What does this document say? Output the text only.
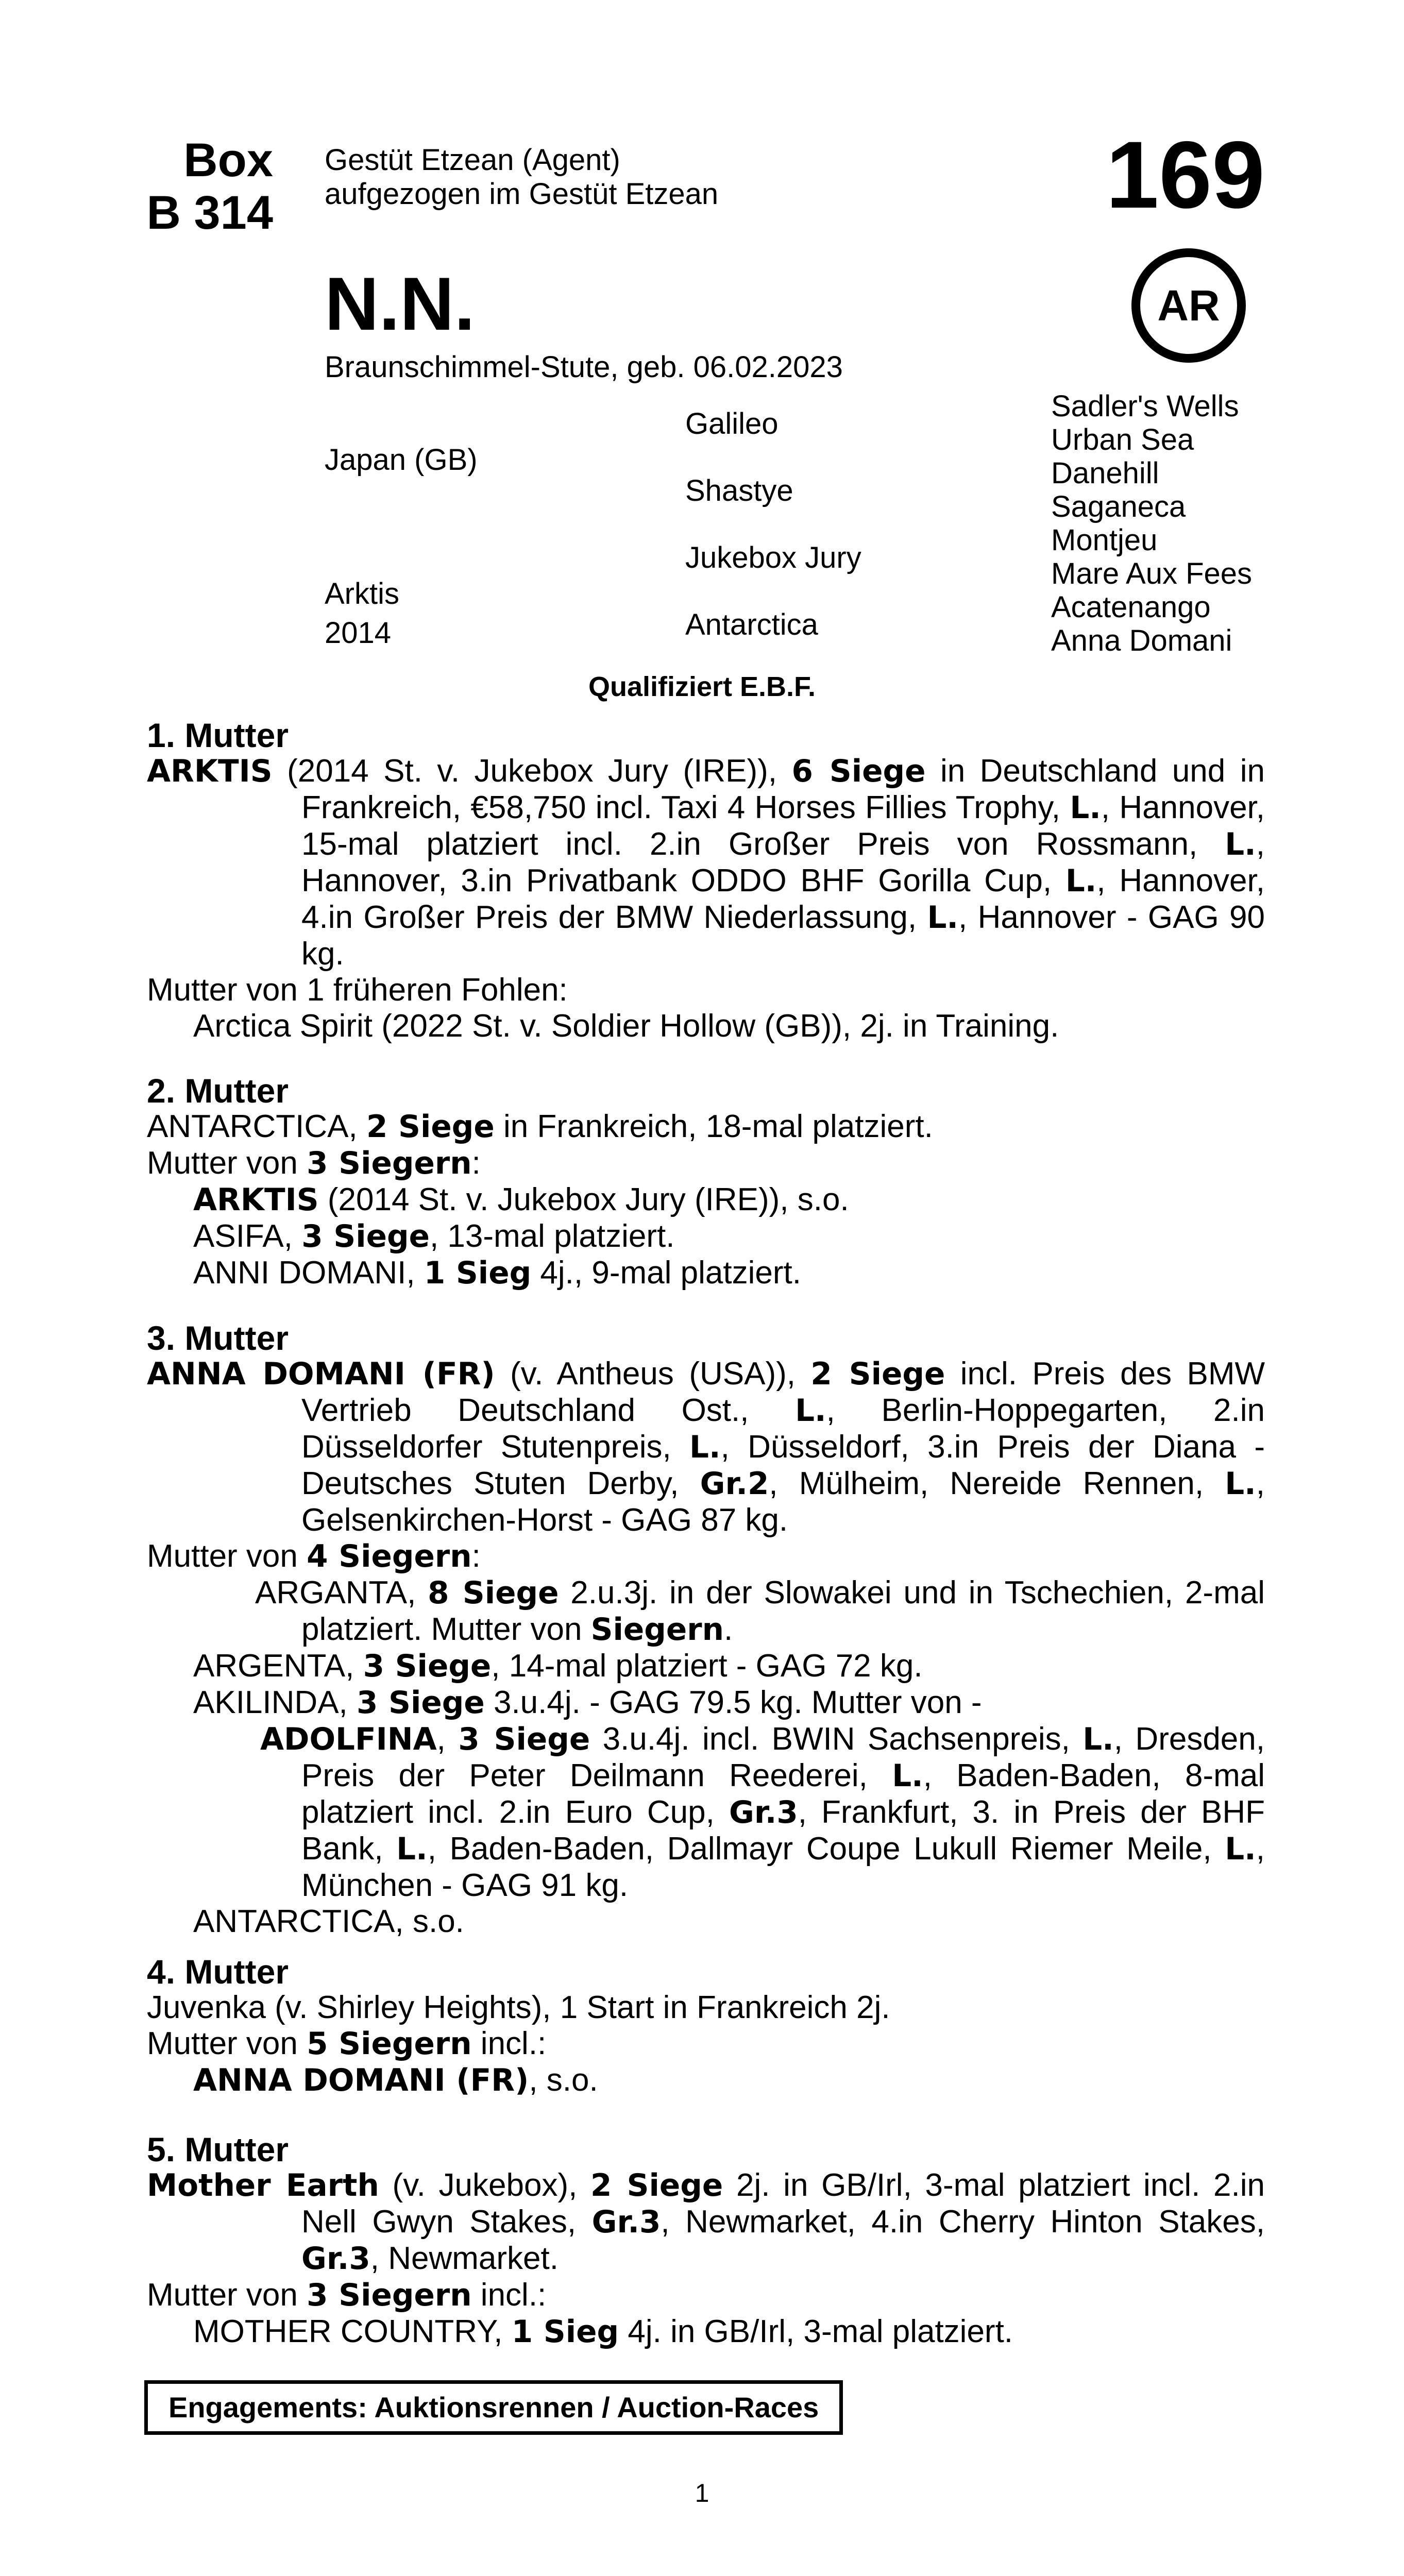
Box
B 314
Gestüt Etzean (Agent)
aufgezogen im Gestüt Etzean	169
AR
N.N.
Braunschimmel-Stute, geb. 06.02.2023
Japan (GB)
Arktis
2014
Galileo
Shastye
Jukebox Jury
Antarctica
Sadler's Wells
Urban Sea
Danehill
Saganeca
Montjeu
Mare Aux Fees
Acatenango
Anna Domani
Qualifiziert E.B.F.

1. Mutter

ARKTIS (2014 St. v. Jukebox Jury (IRE)), 6 Siege in Deutschland und in Frankreich, €58,750 incl. Taxi 4 Horses Fillies Trophy, L., Hannover, 15-mal platziert incl. 2.in Großer Preis von Rossmann, L., Hannover, 3.in Privatbank ODDO BHF Gorilla Cup, L., Hannover, 4.in Großer Preis der BMW Niederlassung, L., Hannover - GAG 90 kg.

Mutter von 1 früheren Fohlen:

Arctica Spirit (2022 St. v. Soldier Hollow (GB)), 2j. in Training.

2. Mutter

ANTARCTICA, 2 Siege in Frankreich, 18-mal platziert.

Mutter von 3 Siegern:

ARKTIS (2014 St. v. Jukebox Jury (IRE)), s.o.

ASIFA, 3 Siege, 13-mal platziert.

ANNI DOMANI, 1 Sieg 4j., 9-mal platziert.

3. Mutter

ANNA DOMANI (FR) (v. Antheus (USA)), 2 Siege incl. Preis des BMW Vertrieb Deutschland Ost., L., Berlin-Hoppegarten, 2.in Düsseldorfer Stutenpreis, L., Düsseldorf, 3.in Preis der Diana - Deutsches Stuten Derby, Gr.2, Mülheim, Nereide Rennen, L., Gelsenkirchen-Horst - GAG 87 kg.

Mutter von 4 Siegern:

ARGANTA, 8 Siege 2.u.3j. in der Slowakei und in Tschechien, 2-mal platziert. Mutter von Siegern.

ARGENTA, 3 Siege, 14-mal platziert - GAG 72 kg.

AKILINDA, 3 Siege 3.u.4j. - GAG 79.5 kg. Mutter von -

ADOLFINA, 3 Siege 3.u.4j. incl. BWIN Sachsenpreis, L., Dresden, Preis der Peter Deilmann Reederei, L., Baden-Baden, 8-mal platziert incl. 2.in Euro Cup, Gr.3, Frankfurt, 3. in Preis der BHF Bank, L., Baden-Baden, Dallmayr Coupe Lukull Riemer Meile, L., München - GAG 91 kg.

ANTARCTICA, s.o.

4. Mutter

Juvenka (v. Shirley Heights), 1 Start in Frankreich 2j.

Mutter von 5 Siegern incl.:

ANNA DOMANI (FR), s.o.

5. Mutter

Mother Earth (v. Jukebox), 2 Siege 2j. in GB/Irl, 3-mal platziert incl. 2.in Nell Gwyn Stakes, Gr.3, Newmarket, 4.in Cherry Hinton Stakes, Gr.3, Newmarket.

Mutter von 3 Siegern incl.:

MOTHER COUNTRY, 1 Sieg 4j. in GB/Irl, 3-mal platziert.

Engagements: Auktionsrennen / Auction-Races
1
